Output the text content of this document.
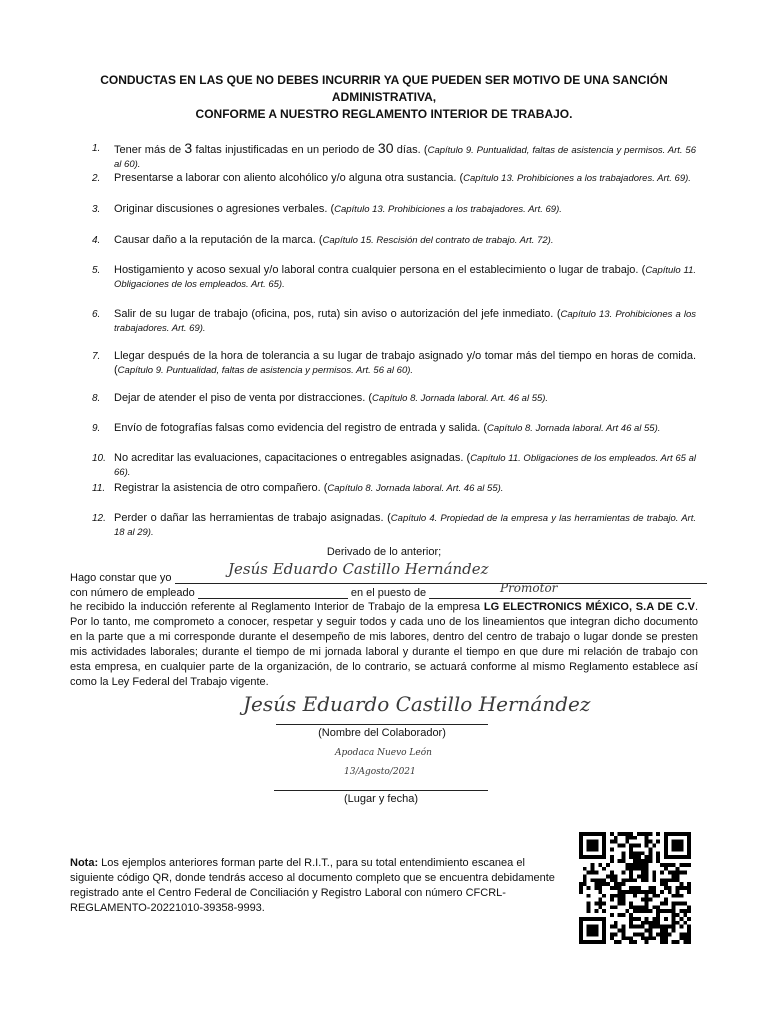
CONDUCTAS EN LAS QUE NO DEBES INCURRIR YA QUE PUEDEN SER MOTIVO DE UNA SANCIÓN ADMINISTRATIVA,
CONFORME A NUESTRO REGLAMENTO INTERIOR DE TRABAJO.
1.	Tener más de 3 faltas injustificadas en un periodo de 30 días. (Capítulo 9. Puntualidad, faltas de asistencia y permisos. Art. 56 al 60).
2.	Presentarse a laborar con aliento alcohólico y/o alguna otra sustancia. (Capítulo 13. Prohibiciones a los trabajadores. Art. 69).
3.	Originar discusiones o agresiones verbales. (Capítulo 13. Prohibiciones a los trabajadores. Art. 69).
4.	Causar daño a la reputación de la marca. (Capítulo 15. Rescisión del contrato de trabajo. Art. 72).
5.	Hostigamiento y acoso sexual y/o laboral contra cualquier persona en el establecimiento o lugar de trabajo. (Capítulo 11. Obligaciones de los empleados. Art. 65).
6.	Salir de su lugar de trabajo (oficina, pos, ruta) sin aviso o autorización del jefe inmediato. (Capítulo 13. Prohibiciones a los trabajadores. Art. 69).
7.	Llegar después de la hora de tolerancia a su lugar de trabajo asignado y/o tomar más del tiempo en horas de comida. (Capítulo 9. Puntualidad, faltas de asistencia y permisos. Art. 56 al 60).
8.	Dejar de atender el piso de venta por distracciones. (Capítulo 8. Jornada laboral. Art. 46 al 55).
9.	Envío de fotografías falsas como evidencia del registro de entrada y salida. (Capítulo 8. Jornada laboral. Art 46 al 55).
10. No acreditar las evaluaciones, capacitaciones o entregables asignadas. (Capítulo 11. Obligaciones de los empleados. Art 65 al 66).
11. Registrar la asistencia de otro compañero. (Capítulo 8. Jornada laboral. Art. 46 al 55).
12. Perder o dañar las herramientas de trabajo asignadas. (Capítulo 4. Propiedad de la empresa y las herramientas de trabajo. Art. 18 al 29).
Derivado de lo anterior;
Hago constar que yo	Jesús Eduardo Castillo Hernández
con número de empleado	en el puesto de	Promotor
he recibido la inducción referente al Reglamento Interior de Trabajo de la empresa LG ELECTRONICS MÉXICO, S.A DE C.V. Por lo tanto, me comprometo a conocer, respetar y seguir todos y cada uno de los lineamientos que integran dicho documento en la parte que a mi corresponde durante el desempeño de mis labores, dentro del centro de trabajo o lugar donde se presten mis actividades laborales; durante el tiempo de mi jornada laboral y durante el tiempo en que dure mi relación de trabajo con esta empresa, en cualquier parte de la organización, de lo contrario, se actuará conforme al mismo Reglamento establece así como la Ley Federal del Trabajo vigente.
Jesús Eduardo Castillo Hernández
(Nombre del Colaborador)
Apodaca Nuevo León
13/Agosto/2021
(Lugar y fecha)
Nota: Los ejemplos anteriores forman parte del R.I.T., para su total entendimiento escanea el siguiente código QR, donde tendrás acceso al documento completo que se encuentra debidamente registrado ante el Centro Federal de Conciliación y Registro Laboral con número CFCRL-REGLAMENTO-20221010-39358-9993.
